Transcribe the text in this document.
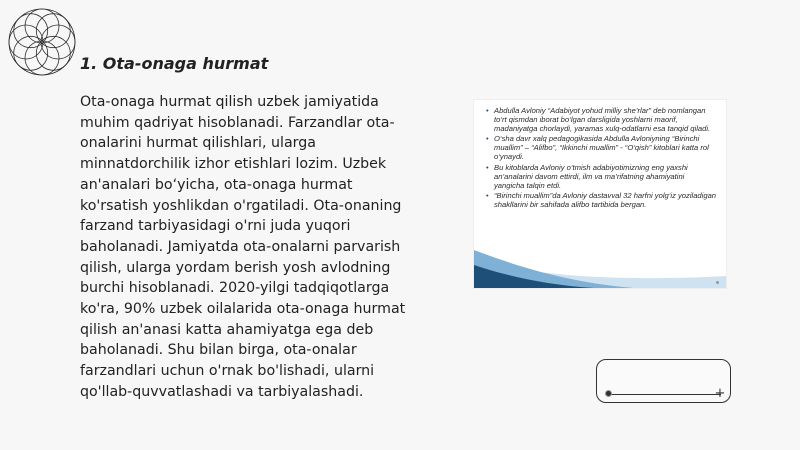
1. Ota-onaga hurmat

Ota-onaga hurmat qilish uzbek jamiyatida muhim qadriyat hisoblanadi. Farzandlar ota-onalarini hurmat qilishlari, ularga minnatdorchilik izhor etishlari lozim. Uzbek an'analari bo‘yicha, ota-onaga hurmat ko'rsatish yoshlikdan o'rgatiladi. Ota-onaning farzand tarbiyasidagi o'rni juda yuqori baholanadi. Jamiyatda ota-onalarni parvarish qilish, ularga yordam berish yosh avlodning burchi hisoblanadi. 2020-yilgi tadqiqotlarga ko'ra, 90% uzbek oilalarida ota-onaga hurmat qilish an'anasi katta ahamiyatga ega deb baholanadi. Shu bilan birga, ota-onalar farzandlari uchun o'rnak bo'lishadi, ularni qo'llab-quvvatlashadi va tarbiyalashadi.

• Abdulla Avloniy “Adabiyot yohud milliy she’rlar” deb nomlangan to‘rt qismdan iborat bo‘lgan darsligida yoshlarni maorif, madaniyatga chorlaydi, yaramas xulq-odatlarni esa tanqid qiladi.
• O‘sha davr xalq pedagogikasida Abdulla Avloniyning “Birinchi muallim” – “Alifbo”, “Ikkinchi muallim” - “O‘qish” kitoblari katta rol o‘ynaydi.
• Bu kitoblarda Avloniy o‘tmish adabiyotimizning eng yaxshi an’analarini davom ettirdi, ilm va ma’rifatning ahamiyatini yangicha talqin etdi.
• “Birinchi muallim”da Avloniy dastavval 32 harfni yolg‘iz yoziladigan shakllarini bir sahifada alifbo tartibida bergan.
+
